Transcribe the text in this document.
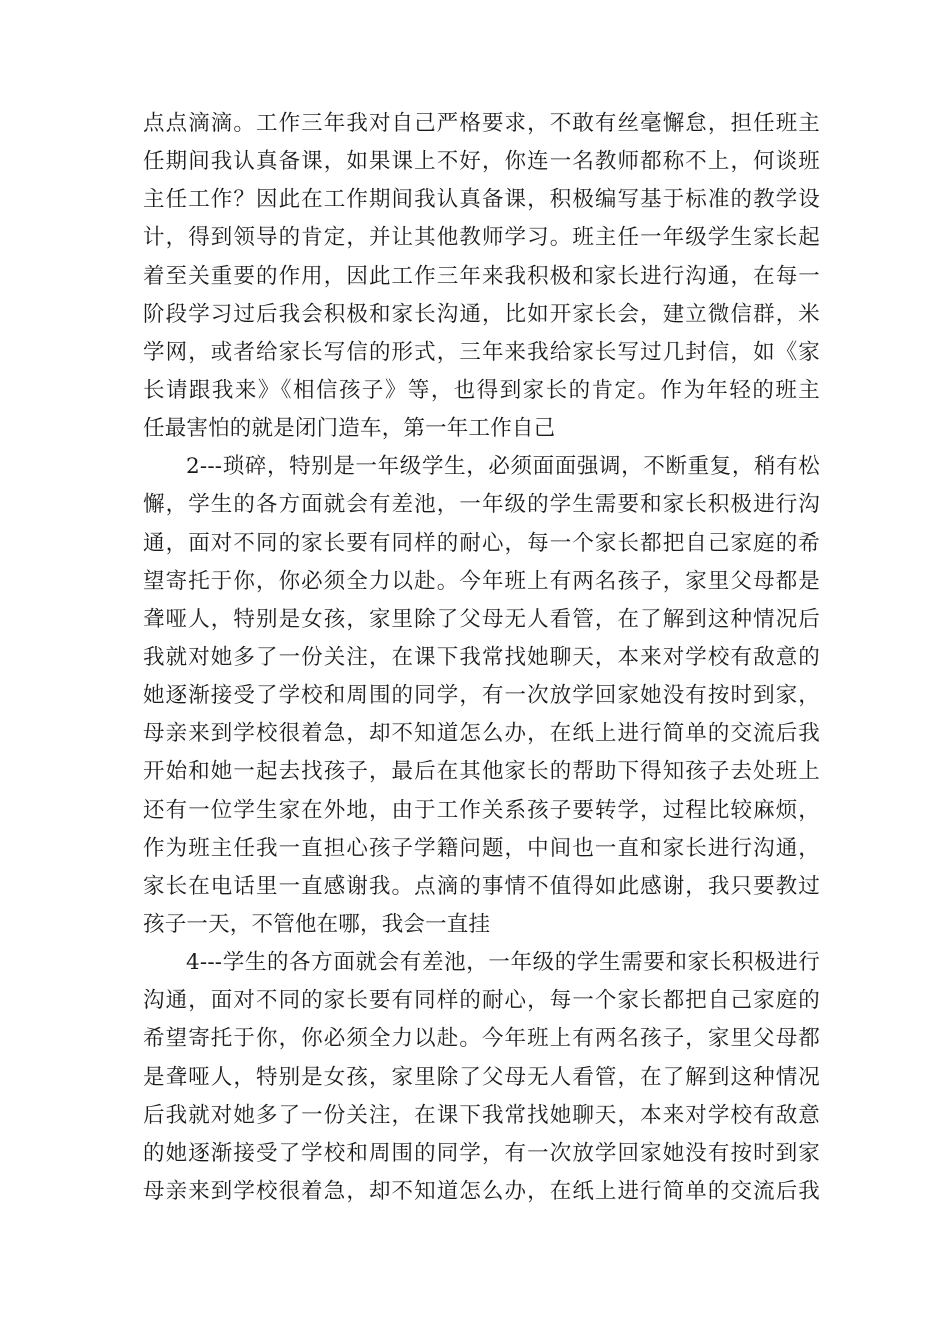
点点滴滴。工作三年我对自己严格要求，不敢有丝毫懈怠，担任班主
任期间我认真备课，如果课上不好，你连一名教师都称不上，何谈班
主任工作？因此在工作期间我认真备课，积极编写基于标准的教学设
计，得到领导的肯定，并让其他教师学习。班主任一年级学生家长起
着至关重要的作用，因此工作三年来我积极和家长进行沟通，在每一
阶段学习过后我会积极和家长沟通，比如开家长会，建立微信群，米
学网，或者给家长写信的形式，三年来我给家长写过几封信，如《家
长请跟我来》《相信孩子》等，也得到家长的肯定。作为年轻的班主
任最害怕的就是闭门造车，第一年工作自己
2---琐碎，特别是一年级学生，必须面面强调，不断重复，稍有松
懈，学生的各方面就会有差池，一年级的学生需要和家长积极进行沟
通，面对不同的家长要有同样的耐心，每一个家长都把自己家庭的希
望寄托于你，你必须全力以赴。今年班上有两名孩子，家里父母都是
聋哑人，特别是女孩，家里除了父母无人看管，在了解到这种情况后
我就对她多了一份关注，在课下我常找她聊天，本来对学校有敌意的
她逐渐接受了学校和周围的同学，有一次放学回家她没有按时到家，
母亲来到学校很着急，却不知道怎么办，在纸上进行简单的交流后我
开始和她一起去找孩子，最后在其他家长的帮助下得知孩子去处班上
还有一位学生家在外地，由于工作关系孩子要转学，过程比较麻烦，
作为班主任我一直担心孩子学籍问题，中间也一直和家长进行沟通，
家长在电话里一直感谢我。点滴的事情不值得如此感谢，我只要教过
孩子一天，不管他在哪，我会一直挂
4---学生的各方面就会有差池，一年级的学生需要和家长积极进行
沟通，面对不同的家长要有同样的耐心，每一个家长都把自己家庭的
希望寄托于你，你必须全力以赴。今年班上有两名孩子，家里父母都
是聋哑人，特别是女孩，家里除了父母无人看管，在了解到这种情况
后我就对她多了一份关注，在课下我常找她聊天，本来对学校有敌意
的她逐渐接受了学校和周围的同学，有一次放学回家她没有按时到家
母亲来到学校很着急，却不知道怎么办，在纸上进行简单的交流后我
